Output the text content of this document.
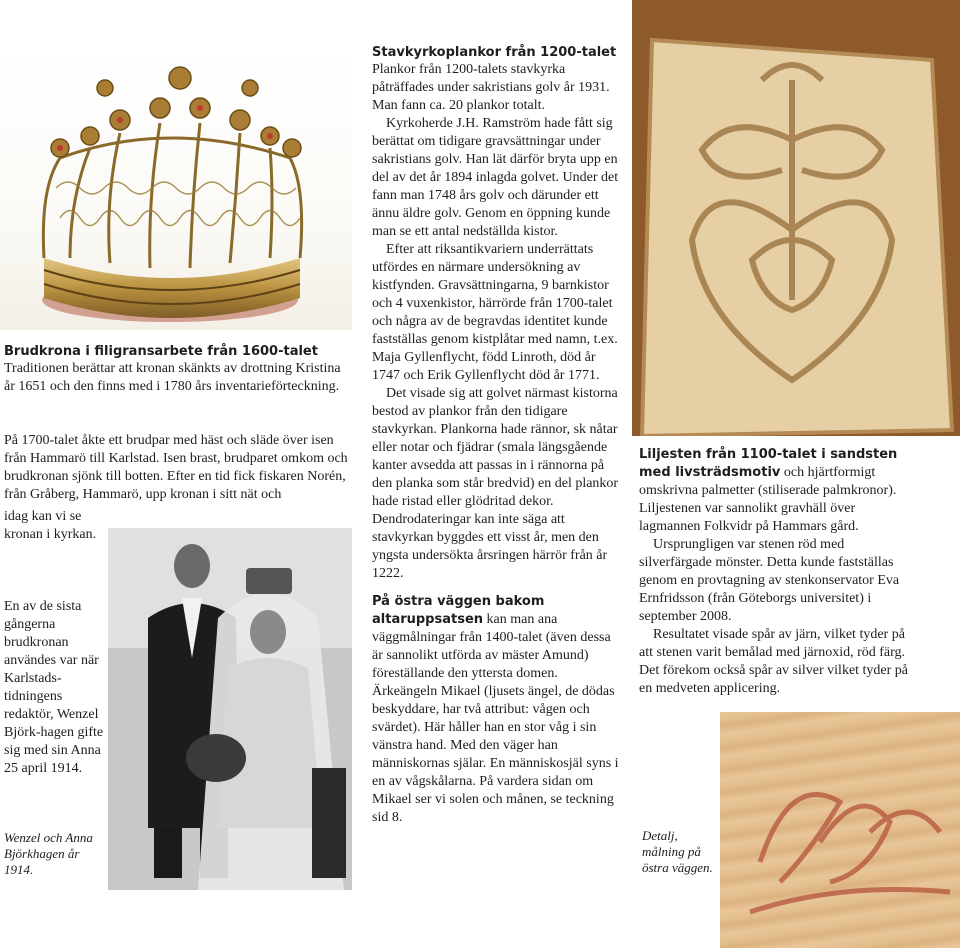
Brudkrona i filigransarbete från 1600-talet
Traditionen berättar att kronan skänkts av drottning Kristina år 1651 och den finns med i 1780 års inventarieförteckning.
På 1700-talet åkte ett brudpar med häst och släde över isen från Hammarö till Karlstad. Isen brast, brudparet omkom och brudkronan sjönk till botten. Efter en tid fick fiskaren Norén, från Gråberg, Hammarö, upp kronan i sitt nät och
idag kan vi se kronan i kyrkan.
En av de sista gångerna brudkronan användes var när Karlstads-tidningens redaktör, Wenzel Björk-hagen gifte sig med sin Anna 25 april 1914.
Wenzel och Anna Björkhagen år 1914.
Stavkyrkoplankor från 1200-talet

Plankor från 1200-talets stavkyrka påträffades under sakristians golv år 1931. Man fann ca. 20 plankor totalt.

Kyrkoherde J.H. Ramström hade fått sig berättat om tidigare gravsättningar under sakristians golv. Han lät därför bryta upp en del av det år 1894 inlagda golvet. Under det fann man 1748 års golv och därunder ett ännu äldre golv. Genom en öppning kunde man se ett antal nedställda kistor.

Efter att riksantikvariern underrättats utfördes en närmare undersökning av kistfynden. Gravsättningarna, 9 barnkistor och 4 vuxenkistor, härrörde från 1700-talet och några av de begravdas identitet kunde fastställas genom kistplåtar med namn, t.ex. Maja Gyllenflycht, född Linroth, död år 1747 och Erik Gyllenflycht död år 1771.

Det visade sig att golvet närmast kistorna bestod av plankor från den tidigare stavkyrkan. Plankorna hade rännor, sk nåtar eller notar och fjädrar (smala längsgående kanter avsedda att passas in i rännorna på den planka som står bredvid) en del plankor hade ristad eller glödritad dekor. Dendrodateringar kan inte säga att stavkyrkan byggdes ett visst år, men den yngsta undersökta årsringen härrör från år 1222.

På östra väggen bakom altaruppsatsen kan man ana väggmålningar från 1400-talet (även dessa är sannolikt utförda av mäster Amund) föreställande den yttersta domen. Ärkeängeln Mikael (ljusets ängel, de dödas beskyddare, har två attribut: vågen och svärdet). Här håller han en stor våg i sin vänstra hand. Med den väger han människornas själar. En människosjäl syns i en av vågskålarna. På vardera sidan om Mikael ser vi solen och månen, se teckning sid 8.
Liljesten från 1100-talet i sandsten med livsträdsmotiv och hjärtformigt omskrivna palmetter (stiliserade palmkronor). Liljestenen var sannolikt gravhäll över lagmannen Folkvidr på Hammars gård.

Ursprungligen var stenen röd med silverfärgade mönster. Detta kunde fastställas genom en provtagning av stenkonservator Eva Ernfridsson (från Göteborgs universitet) i september 2008.

Resultatet visade spår av järn, vilket tyder på att stenen varit bemålad med järnoxid, röd färg. Det förekom också spår av silver vilket tyder på en medveten applicering.

Detalj, målning på östra väggen.
